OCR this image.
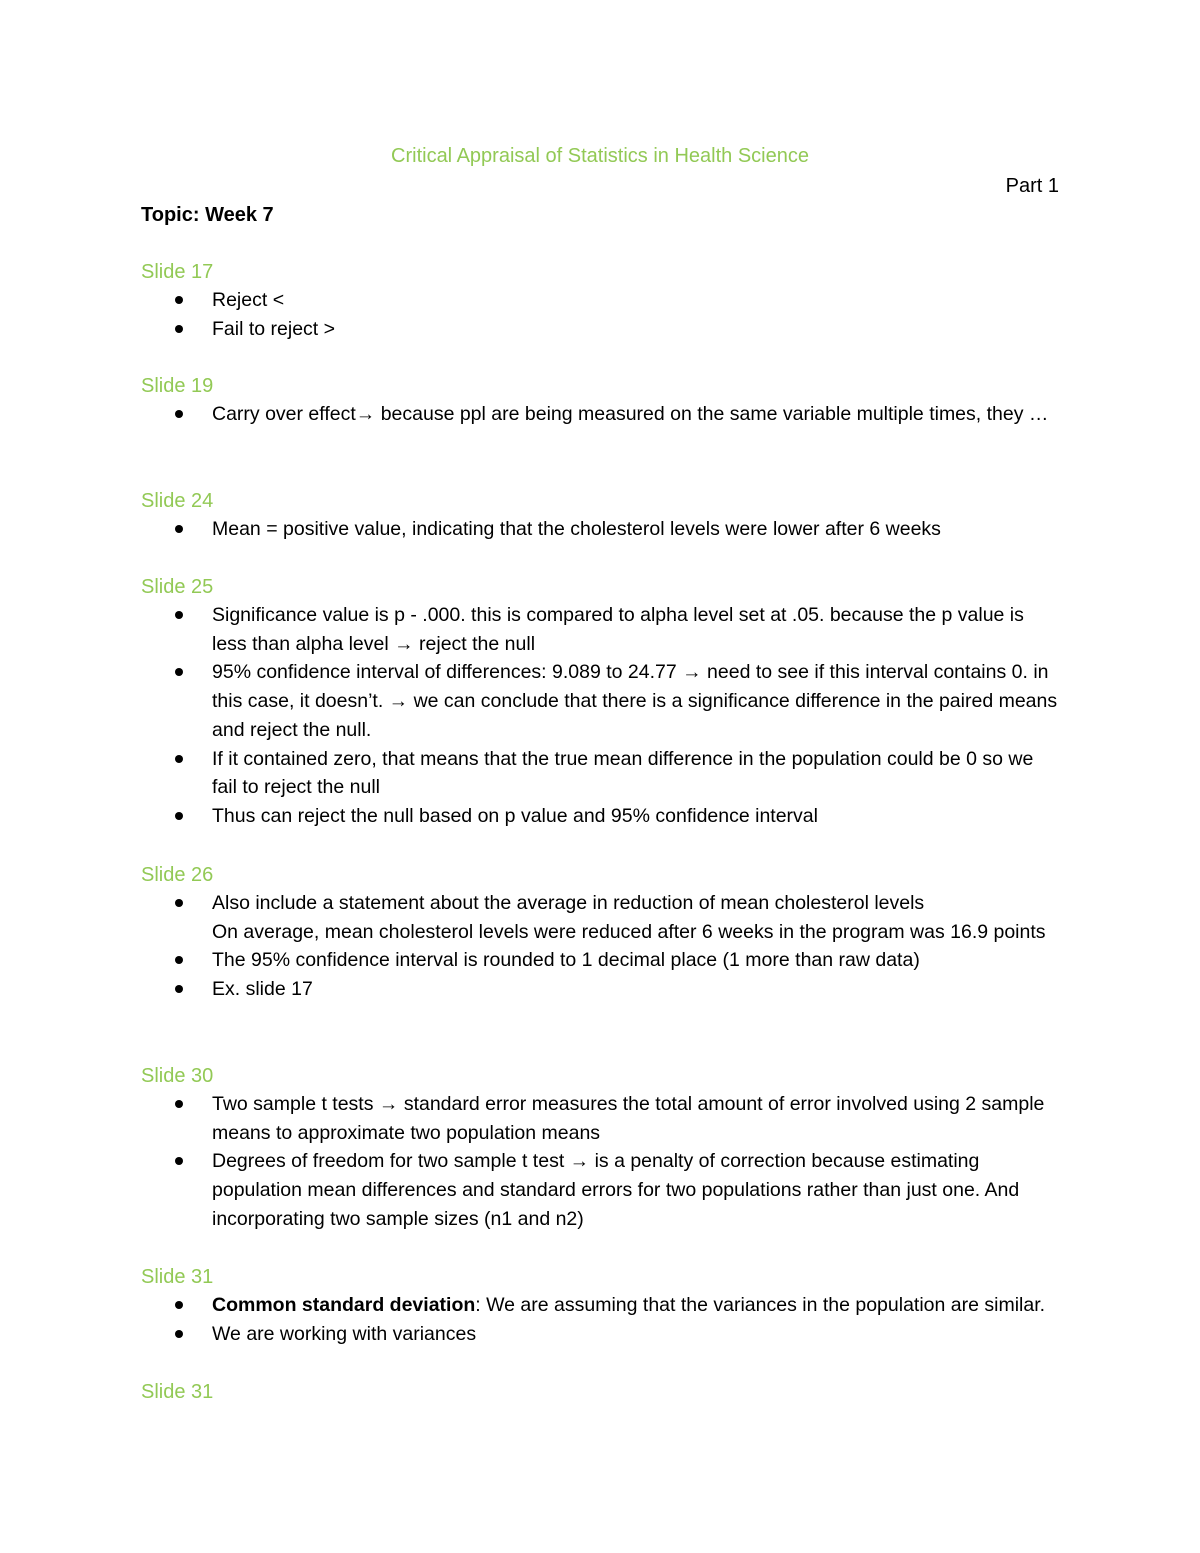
Critical Appraisal of Statistics in Health Science
Part 1
Topic: Week 7
Slide 17
Reject <
Fail to reject >
Slide 19
Carry over effect→ because ppl are being measured on the same variable multiple times, they …
Slide 24
Mean = positive value, indicating that the cholesterol levels were lower after 6 weeks
Slide 25
Significance value is p - .000. this is compared to alpha level set at .05. because the p value is less than alpha level → reject the null
95% confidence interval of differences: 9.089 to 24.77 → need to see if this interval contains 0. in this case, it doesn’t. → we can conclude that there is a significance difference in the paired means and reject the null.
If it contained zero, that means that the true mean difference in the population could be 0 so we fail to reject the null
Thus can reject the null based on p value and 95% confidence interval
Slide 26
Also include a statement about the average in reduction of mean cholesterol levels
On average, mean cholesterol levels were reduced after 6 weeks in the program was 16.9 points
The 95% confidence interval is rounded to 1 decimal place (1 more than raw data)
Ex. slide 17
Slide 30
Two sample t tests → standard error measures the total amount of error involved using 2 sample means to approximate two population means
Degrees of freedom for two sample t test → is a penalty of correction because estimating population mean differences and standard errors for two populations rather than just one. And incorporating two sample sizes (n1 and n2)
Slide 31
Common standard deviation: We are assuming that the variances in the population are similar.
We are working with variances
Slide 31
